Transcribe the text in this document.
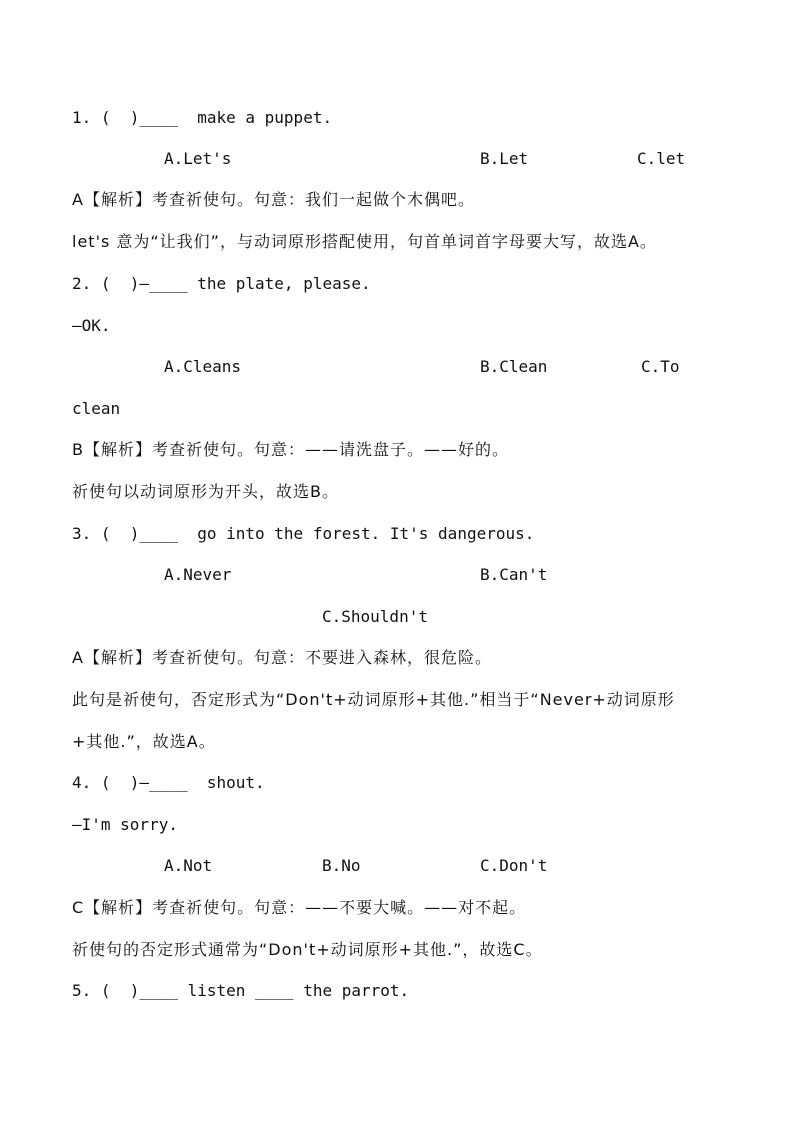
1. (  )____  make a puppet.
A.Let's	B.Let	C.let
A【解析】考查祈使句。句意：我们一起做个木偶吧。
let's 意为“让我们”，与动词原形搭配使用，句首单词首字母要大写，故选A。
2. (  )—____ the plate, please.
—OK.
A.Cleans	B.Clean	C.To
clean
B【解析】考查祈使句。句意：——请洗盘子。——好的。
祈使句以动词原形为开头，故选B。
3. (  )____  go into the forest. It's dangerous.
A.Never	B.Can't
C.Shouldn't
A【解析】考查祈使句。句意：不要进入森林，很危险。
此句是祈使句，否定形式为“Don't+动词原形+其他.”相当于“Never+动词原形
+其他.”，故选A。
4. (  )—____  shout.
—I'm sorry.
A.Not	B.No	C.Don't
C【解析】考查祈使句。句意：——不要大喊。——对不起。
祈使句的否定形式通常为“Don't+动词原形+其他.”，故选C。
5. (  )____ listen ____ the parrot.
